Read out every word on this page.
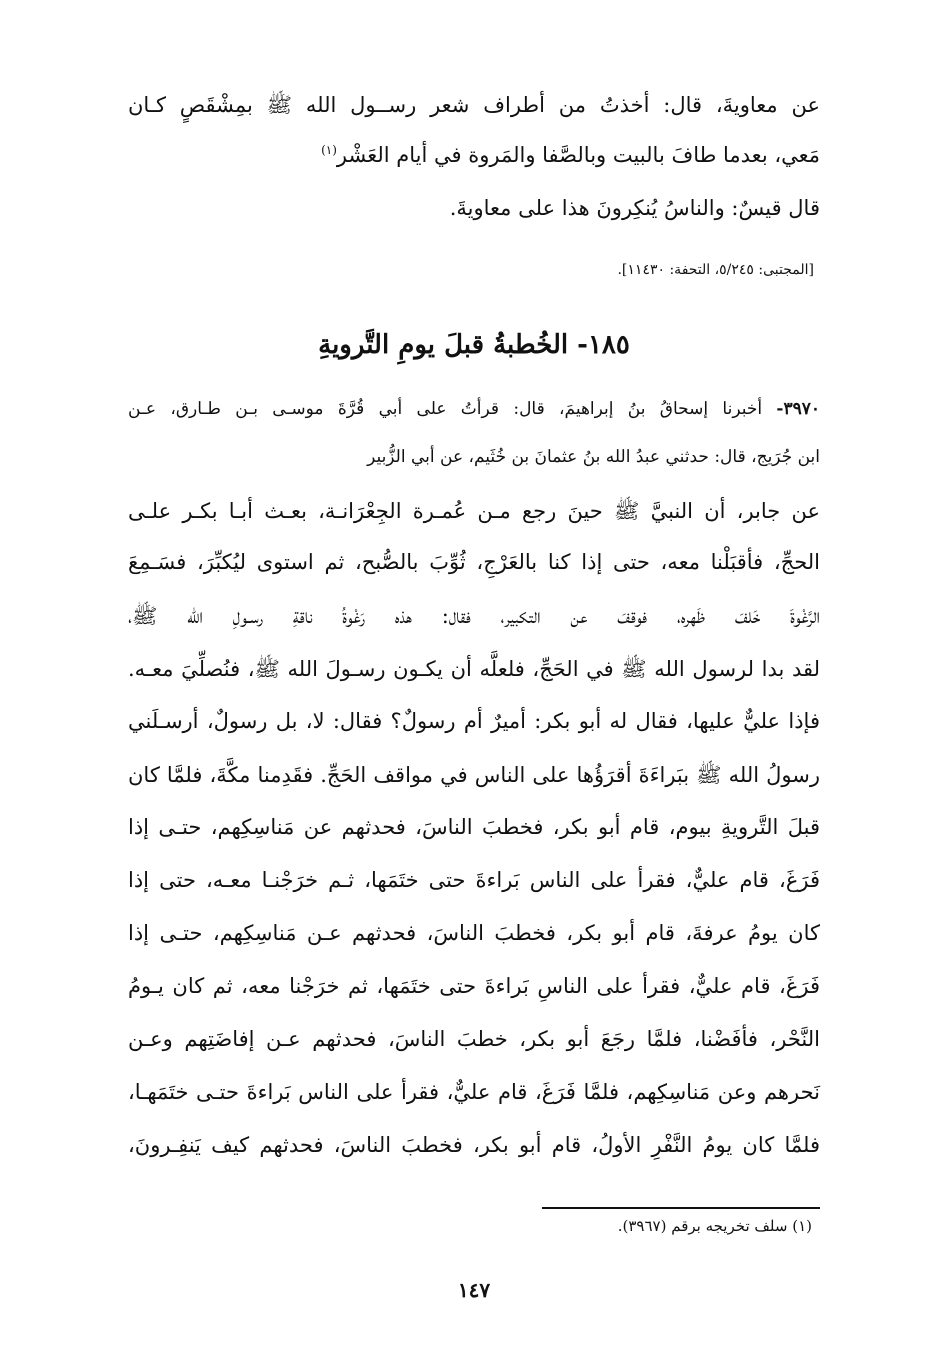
عن معاويةَ، قال: أخذتُ من أطراف شعر رســول الله ﷺ بمِشْقَصٍ كـان
مَعي، بعدما طافَ بالبيت وبالصَّفا والمَروة في أيام العَشْر$^{(١)}$
قال قيسٌ: والناسُ يُنكِرونَ هذا على معاويةَ.
[المجتبى: ٥/٢٤٥، التحفة: ١١٤٣٠].
١٨٥- الخُطبةُ قبلَ يومِ التَّرويةِ
٣٩٧٠- أخبرنا إسحاقُ بنُ إبراهيمَ، قال: قرأتُ على أبي قُرَّةَ موسـى بـن طـارق، عـن
ابن جُرَيج، قال: حدثني عبدُ الله بنُ عثمانَ بن خُثَيم، عن أبي الزُّبير
عن جابر، أن النبيَّ ﷺ حينَ رجع مـن عُمـرة الجِعْرَانـة، بعـث أبـا بكـر علـى
الحجِّ، فأقبَلْنا معه، حتى إذا كنا بالعَرْجِ، ثُوِّبَ بالصُّبح، ثم استوى ليُكبِّرَ، فسَـمِعَ
الرَّغْوةَ خَلفَ ظَهره، فوقفَ عن التكبير، فقال: هذه رَغْوةُ ناقةِ رسـولِ الله ﷺ،
لقد بدا لرسول الله ﷺ في الحَجِّ، فلعلَّه أن يكـون رسـولَ الله ﷺ، فنُصلِّيَ معـه.
فإذا عليٌّ عليها، فقال له أبو بكر: أميرٌ أم رسولٌ؟ فقال: لا، بل رسولٌ، أرسـلَني
رسولُ الله ﷺ ببَراءَةَ أقرَؤُها على الناس في مواقف الحَجِّ. فقَدِمنا مكَّةَ، فلمَّا كان
قبلَ التَّرويةِ بيوم، قام أبو بكر، فخطبَ الناسَ، فحدثهم عن مَناسِكِهم، حتـى إذا
فَرَغَ، قام عليٌّ، فقرأ على الناس بَراءةَ حتى ختَمَها، ثـم خرَجْنـا معـه، حتى إذا
كان يومُ عرفةَ، قام أبو بكر، فخطبَ الناسَ، فحدثهم عـن مَناسِكِهم، حتـى إذا
فَرَغَ، قام عليٌّ، فقرأ على الناسِ بَراءةَ حتى ختَمَها، ثم خرَجْنا معه، ثم كان يـومُ
النَّحْر، فأفَضْنا، فلمَّا رجَعَ أبو بكر، خطبَ الناسَ، فحدثهم عـن إفاضَتِهم وعـن
نَحرهم وعن مَناسِكِهم، فلمَّا فَرَغَ، قام عليٌّ، فقرأ على الناس بَراءةَ حتـى ختَمَهـا،
فلمَّا كان يومُ النَّفْرِ الأولُ، قام أبو بكر، فخطبَ الناسَ، فحدثهم كيف يَنفِـرونَ،
(١) سلف تخريجه برقم (٣٩٦٧).
١٤٧
